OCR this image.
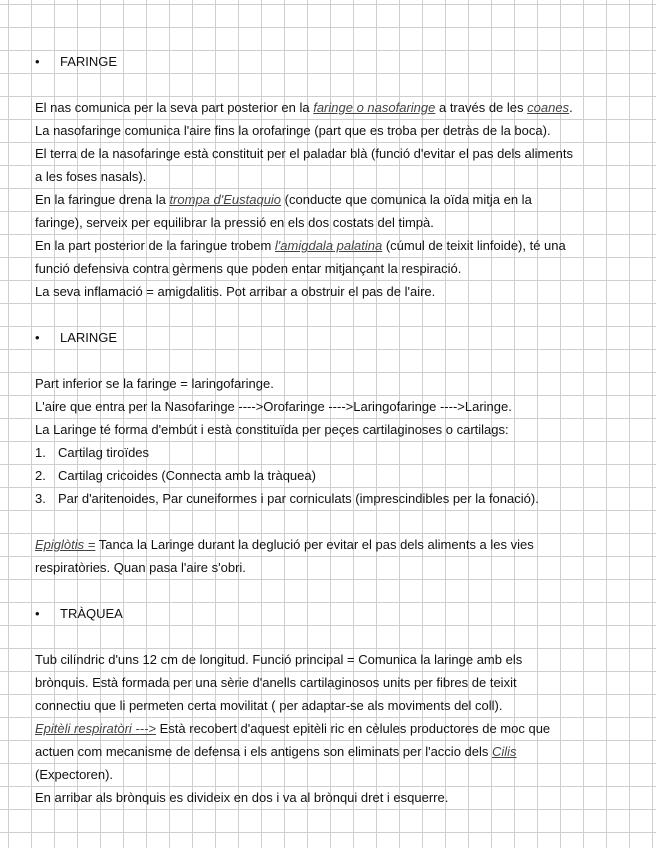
• FARINGE
El nas comunica per la seva part posterior en la faringe o nasofaringe a través de les coanes.
La nasofaringe comunica l'aire fins la orofaringe (part que es troba per detràs de la boca).
El terra de la nasofaringe està constituit per el paladar blà (funció d'evitar el pas dels aliments
a les foses nasals).
En la faringue drena la trompa d'Eustaquio (conducte que comunica la oïda mitja en la
faringe), serveix per equilibrar la pressió en els dos costats del timpà.
En la part posterior de la faringue trobem l'amigdala palatina (cúmul de teixit linfoide), té una
funció defensiva contra gèrmens que poden entar mitjançant la respiració.
La seva inflamació = amigdalitis. Pot arribar a obstruir el pas de l'aire.
• LARINGE
Part inferior se la faringe = laringofaringe.
L'aire que entra per la Nasofaringe ---->Orofaringe ---->Laringofaringe ---->Laringe.
La Laringe té forma d'embút i està constituïda per peçes cartilaginoses o cartilags:
1. Cartilag tiroïdes
2. Cartilag cricoides (Connecta amb la tràquea)
3. Par d'aritenoides, Par cuneiformes i par corniculats (imprescindibles per la fonació).
Epiglòtis = Tanca la Laringe durant la deglució per evitar el pas dels aliments a les vies
respiratòries. Quan pasa l'aire s'obri.
• TRÀQUEA
Tub cilíndric d'uns 12 cm de longitud. Funció principal = Comunica la laringe amb els
brònquis. Està formada per una sèrie d'anells cartilaginosos units per fibres de teixit
connectiu que li permeten certa movilitat ( per adaptar-se als moviments del coll).
Epitèli respiratòri ---> Està recobert d'aquest epitèli ric en cèlules productores de moc que
actuen com mecanisme de defensa i els antigens son eliminats per l'accio dels Cilis
(Expectoren).
En arribar als brònquis es divideix en dos i va al brònqui dret i esquerre.
